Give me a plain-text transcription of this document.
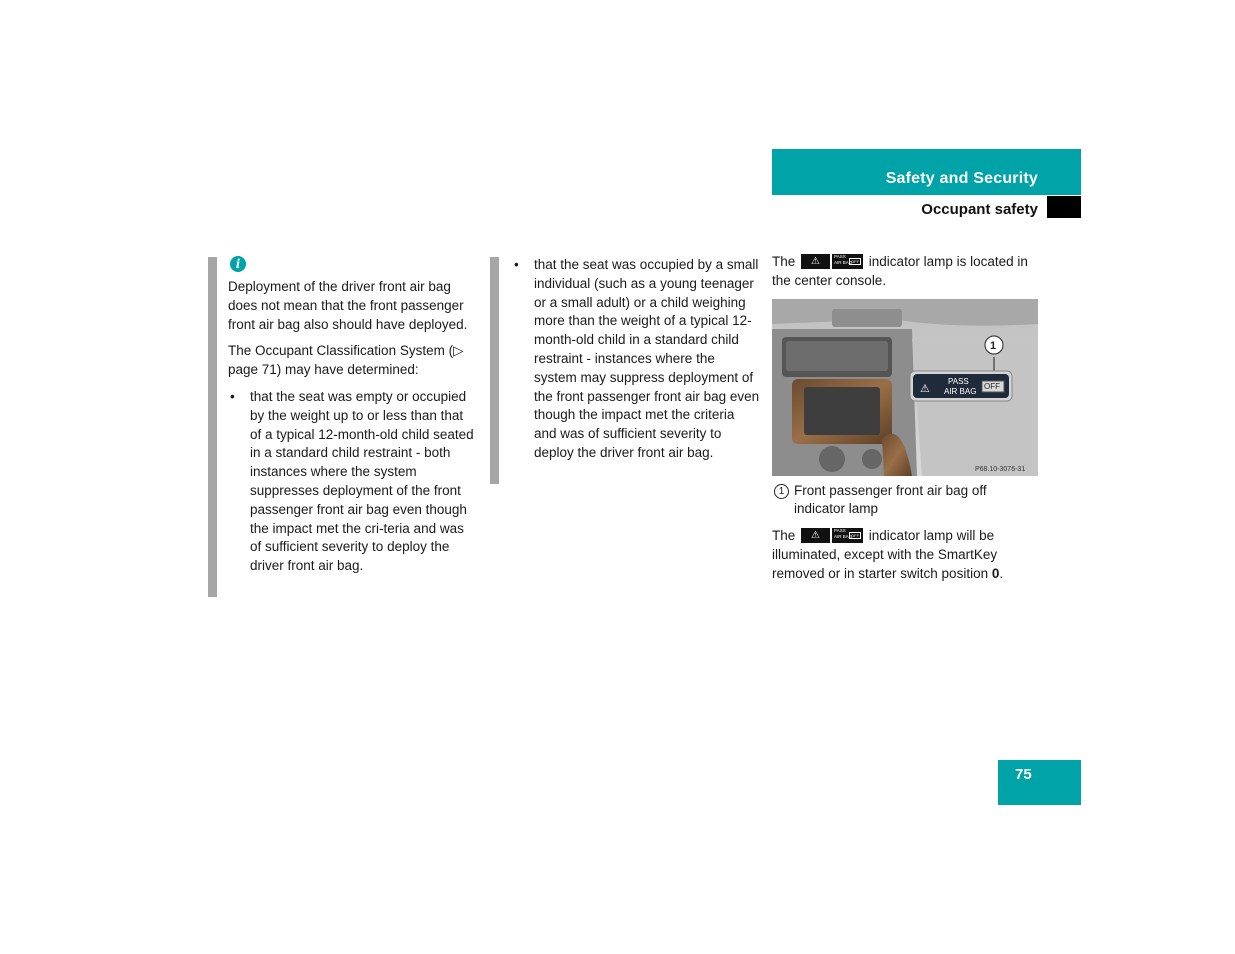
Safety and Security
Occupant safety
i

Deployment of the driver front air bag does not mean that the front passenger front air bag also should have deployed.

The Occupant Classification System (▷ page 71) may have determined:

• that the seat was empty or occupied by the weight up to or less than that of a typical 12-month-old child seated in a standard child restraint - both instances where the system suppresses deployment of the front passenger front air bag even though the impact met the cri-teria and was of sufficient severity to deploy the driver front air bag.
• that the seat was occupied by a small individual (such as a young teenager or a small adult) or a child weighing more than the weight of a typical 12-month-old child in a standard child restraint - instances where the system may suppress deployment of the front passenger front air bag even though the impact met the criteria and was of sufficient severity to deploy the driver front air bag.

The	⚠	PASS
AIR BAG
OFF indicator lamp is located in the center console.

⚠
PASS
AIR BAG
OFF
1
P68.10-3076-31
1 Front passenger front air bag off indicator lamp

The	⚠	PASS
AIR BAG
OFF indicator lamp will be illuminated, except with the SmartKey removed or in starter switch position 0.

75
